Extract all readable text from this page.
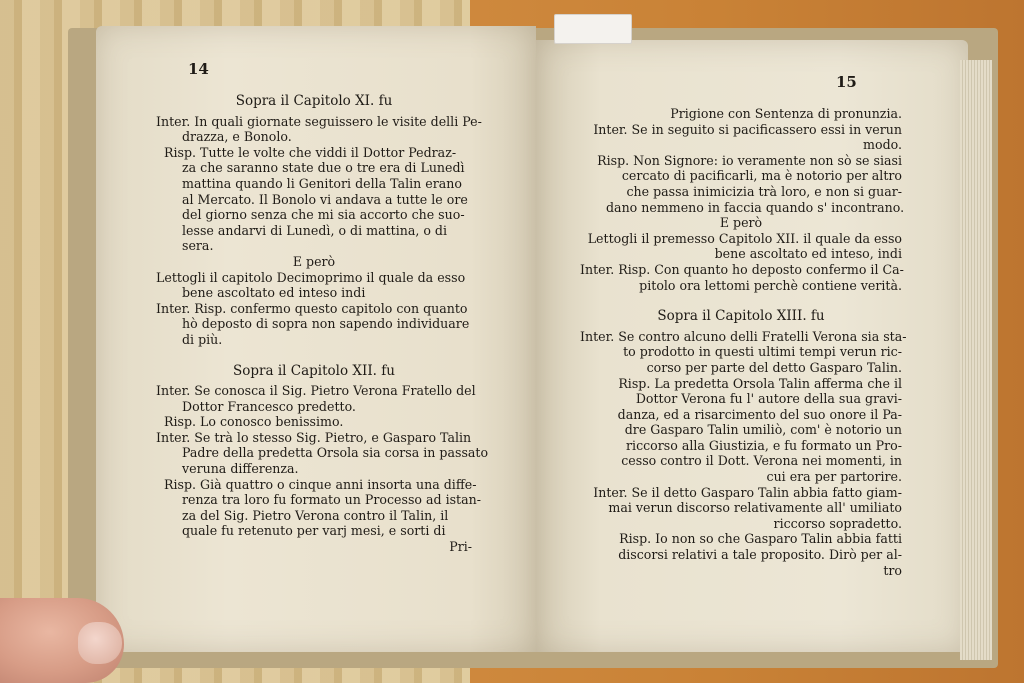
14

Sopra il Capitolo XI. fu

Inter. In quali giornate seguissero le visite delli Pe-

drazza, e Bonolo.

Risp. Tutte le volte che viddi il Dottor Pedraz-

za che saranno state due o tre era di Lunedì

mattina quando li Genitori della Talin erano

al Mercato. Il Bonolo vi andava a tutte le ore

del giorno senza che mi sia accorto che suo-

lesse andarvi di Lunedì, o di mattina, o di

sera.

E però

Lettogli il capitolo Decimoprimo il quale da esso

bene ascoltato ed inteso indi

Inter. Risp. confermo questo capitolo con quanto

hò deposto di sopra non sapendo individuare

di più.

Sopra il Capitolo XII. fu

Inter. Se conosca il Sig. Pietro Verona Fratello del

Dottor Francesco predetto.

Risp. Lo conosco benissimo.

Inter. Se trà lo stesso Sig. Pietro, e Gasparo Talin

Padre della predetta Orsola sia corsa in passato

veruna differenza.

Risp. Già quattro o cinque anni insorta una diffe-

renza tra loro fu formato un Processo ad istan-

za del Sig. Pietro Verona contro il Talin, il

quale fu retenuto per varj mesi, e sorti di

Pri-

15

Prigione con Sentenza di pronunzia.

Inter. Se in seguito si pacificassero essi in verun

modo.

Risp. Non Signore: io veramente non sò se siasi

cercato di pacificarli, ma è notorio per altro

che passa inimicizia trà loro, e non si guar-

dano nemmeno in faccia quando s' incontrano.

E però

Lettogli il premesso Capitolo XII. il quale da esso

bene ascoltato ed inteso, indi

Inter. Risp. Con quanto ho deposto confermo il Ca-

pitolo ora lettomi perchè contiene verità.

Sopra il Capitolo XIII. fu

Inter. Se contro alcuno delli Fratelli Verona sia sta-

to prodotto in questi ultimi tempi verun ric-

corso per parte del detto Gasparo Talin.

Risp. La predetta Orsola Talin afferma che il

Dottor Verona fu l' autore della sua gravi-

danza, ed a risarcimento del suo onore il Pa-

dre Gasparo Talin umiliò, com' è notorio un

riccorso alla Giustizia, e fu formato un Pro-

cesso contro il Dott. Verona nei momenti, in

cui era per partorire.

Inter. Se il detto Gasparo Talin abbia fatto giam-

mai verun discorso relativamente all' umiliato

riccorso sopradetto.

Risp. Io non so che Gasparo Talin abbia fatti

discorsi relativi a tale proposito. Dirò per al-

tro
